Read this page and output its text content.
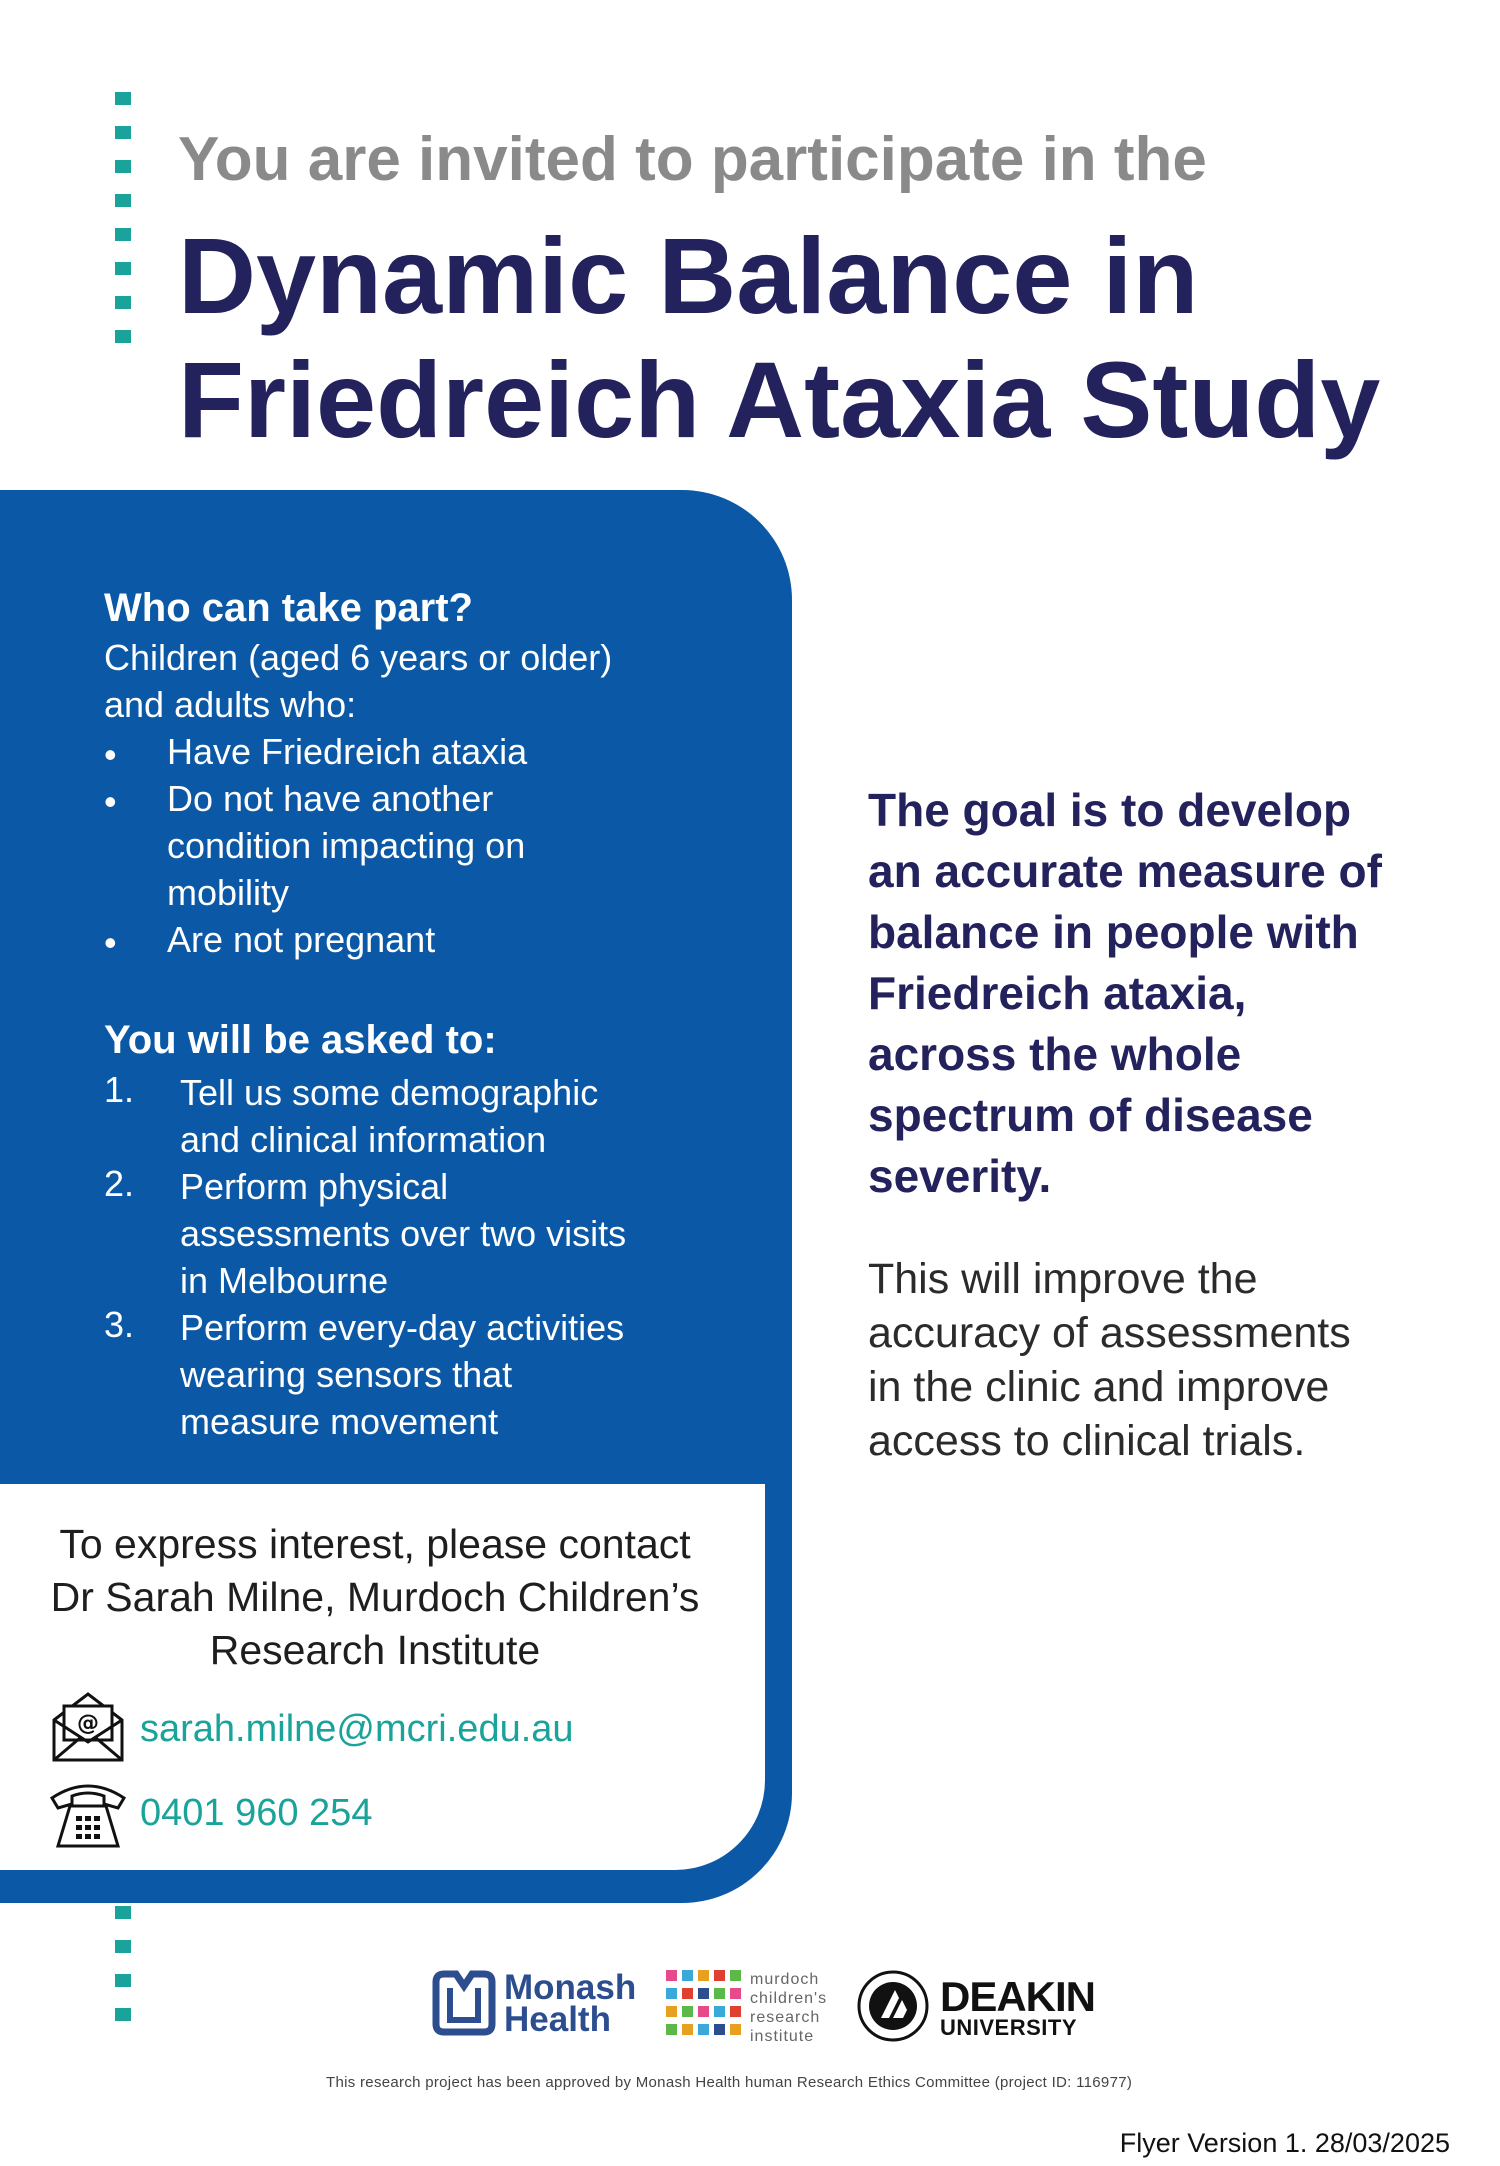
You are invited to participate in the
Dynamic Balance in
Friedreich Ataxia Study
Who can take part?
Children (aged 6 years or older)
and adults who:
• Have Friedreich ataxia
• Do not have another
condition impacting on
mobility
• Are not pregnant
You will be asked to:
1. Tell us some demographic
and clinical information
2. Perform physical
assessments over two visits
in Melbourne
3. Perform every-day activities
wearing sensors that
measure movement
To express interest, please contact
Dr Sarah Milne, Murdoch Children’s
Research Institute
@ sarah.milne@mcri.edu.au
0401 960 254
The goal is to develop
an accurate measure of
balance in people with
Friedreich ataxia,
across the whole
spectrum of disease
severity.
This will improve the
accuracy of assessments
in the clinic and improve
access to clinical trials.
Monash
Health
murdoch
children's
research
institute
DEAKIN
UNIVERSITY
This research project has been approved by Monash Health human Research Ethics Committee (project ID: 116977)
Flyer Version 1. 28/03/2025
